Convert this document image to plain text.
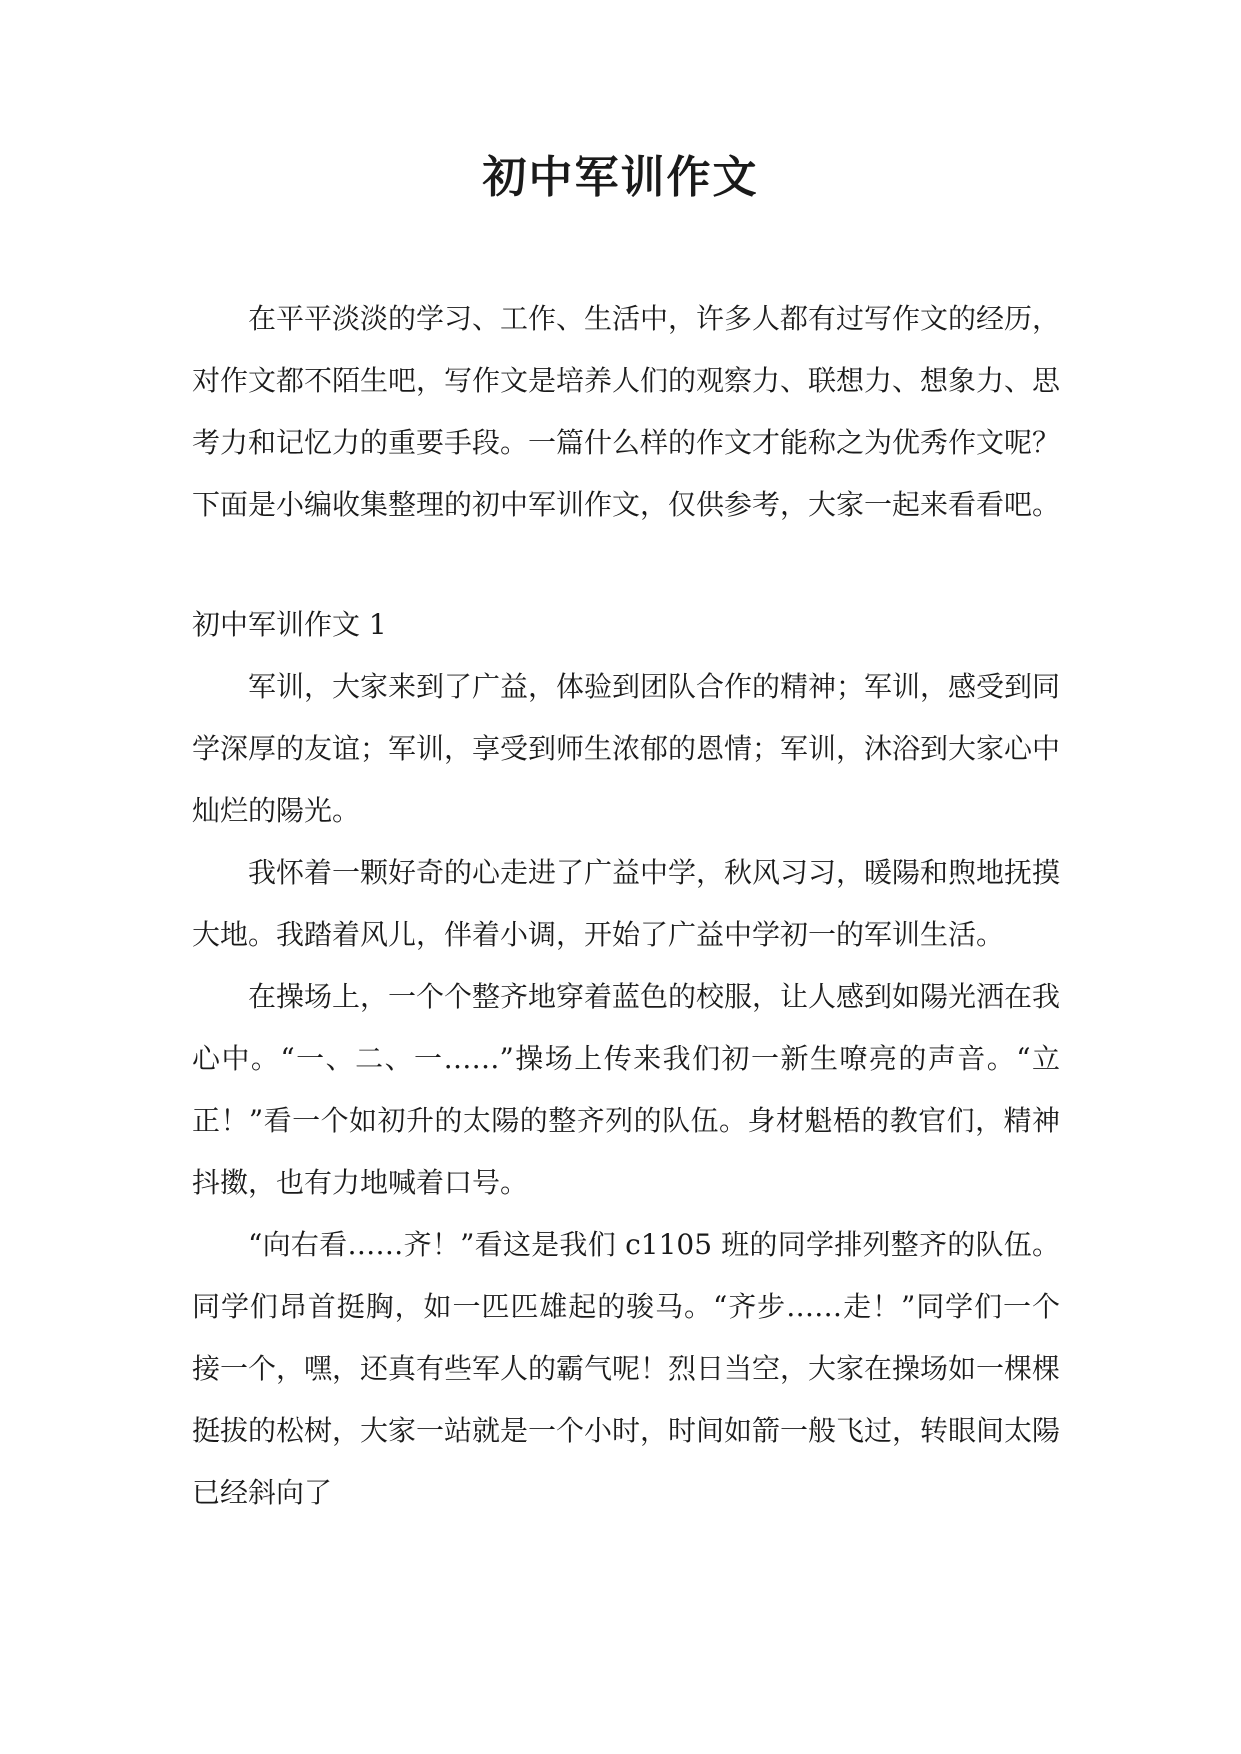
初中军训作文

在平平淡淡的学习、工作、生活中，许多人都有过写作文的经历，对作文都不陌生吧，写作文是培养人们的观察力、联想力、想象力、思考力和记忆力的重要手段。一篇什么样的作文才能称之为优秀作文呢？下面是小编收集整理的初中军训作文，仅供参考，大家一起来看看吧。

初中军训作文 1

军训，大家来到了广益，体验到团队合作的精神；军训，感受到同学深厚的友谊；军训，享受到师生浓郁的恩情；军训，沐浴到大家心中灿烂的陽光。

我怀着一颗好奇的心走进了广益中学，秋风习习，暖陽和煦地抚摸大地。我踏着风儿，伴着小调，开始了广益中学初一的军训生活。

在操场上，一个个整齐地穿着蓝色的校服，让人感到如陽光洒在我心中。“一、二、一……”操场上传来我们初一新生嘹亮的声音。“立正！”看一个如初升的太陽的整齐列的队伍。身材魁梧的教官们，精神抖擞，也有力地喊着口号。

“向右看……齐！”看这是我们 c1105 班的同学排列整齐的队伍。同学们昂首挺胸，如一匹匹雄起的骏马。“齐步……走！”同学们一个接一个，嘿，还真有些军人的霸气呢！烈日当空，大家在操场如一棵棵挺拔的松树，大家一站就是一个小时，时间如箭一般飞过，转眼间太陽已经斜向了
